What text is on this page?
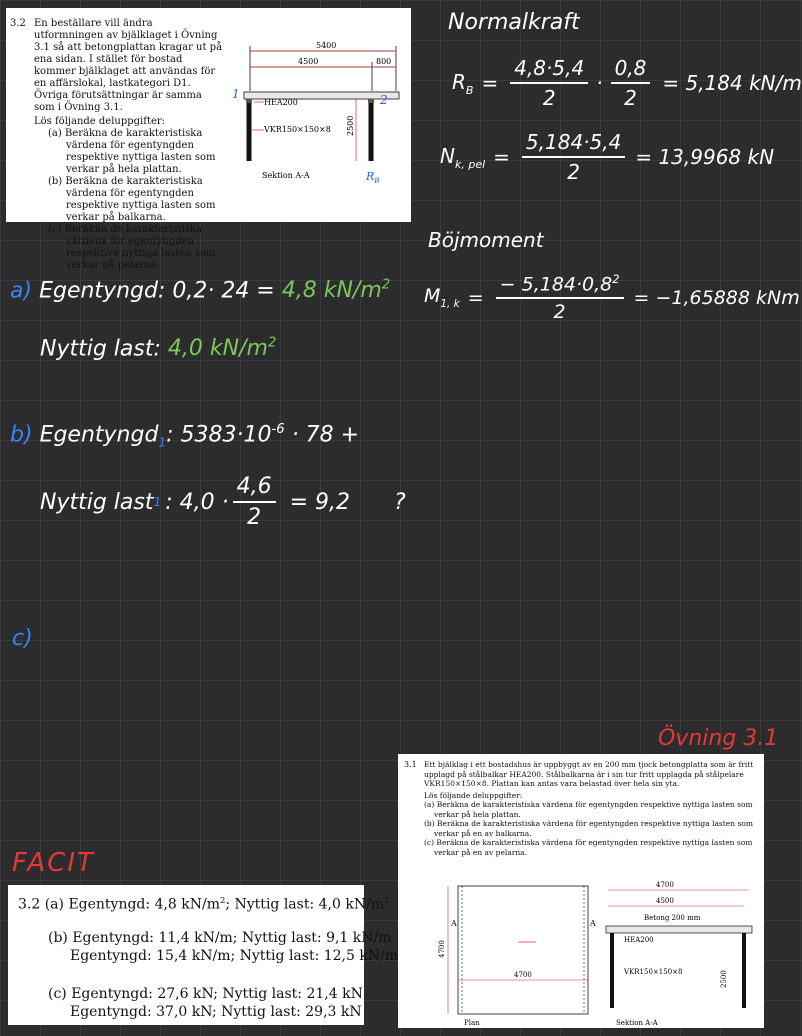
3.2 En beställare vill ändra utformningen av bjälklaget i Övning 3.1 så att betongplattan kragar ut på ena sidan. I stället för bostad kommer bjälklaget att användas för en affärslokal, lastkategori D1. Övriga förutsättningar är samma som i Övning 3.1.
Lös följande deluppgifter:
(a) Beräkna de karakteristiska värdena för egentyngden respektive nyttiga lasten som verkar på hela plattan.
(b) Beräkna de karakteristiska värdena för egentyngden respektive nyttiga lasten som verkar på balkarna.
(c) Beräkna de karakteristiska värdena för egentyngden respektive nyttiga lasten som verkar på pelarna.
5400
4500	800
HEA200
VKR150×150×8 2500
Sektion A-A
1	2
$R_B$
Normalkraft
$R_B = \frac{4,8\cdot 5,4}{2} \cdot \frac{0,8}{2} = 5,184$ kN/m
$N_{k, pel} = \frac{5,184\cdot 5,4}{2} = 13,9968$ kN
Böjmoment
$M_{1, k} = \frac{- 5,184\cdot 0,8^2}{2} = -1,65888$ kNm
a) Egentyngd: 0,2· 24 = 4,8 $kN/m^2$
Nyttig last: 4,0 $kN/m^2$
b) Egentyngd$_1$: $5383\cdot 10^{-6} \cdot 78$ +
Nyttig last 1 : $4,0 \cdot \frac{4,6}{2} = 9,2$ ?
c)
Övning 3.1
FACIT
3.2 (a) Egentyngd: 4,8 $kN/m^2$; Nyttig last: 4,0 $kN/m^2$
(b) Egentyngd: 11,4 kN/m; Nyttig last: 9,1 kN/m
Egentyngd: 15,4 kN/m; Nyttig last: 12,5 kN/m
(c) Egentyngd: 27,6 kN; Nyttig last: 21,4 kN
Egentyngd: 37,0 kN; Nyttig last: 29,3 kN
3.1 Ett bjälklag i ett bostadshus är uppbyggt av en 200 mm tjock betongplatta som är fritt upplagd på stålbalkar HEA200. Stålbalkarna är i sin tur fritt upplagda på stålpelare VKR150×150×8. Plattan kan antas vara belastad över hela sin yta.
Lös följande deluppgifter:
(a) Beräkna de karakteristiska värdena för egentyngden respektive nyttiga lasten som verkar på hela plattan.
(b) Beräkna de karakteristiska värdena för egentyngden respektive nyttiga lasten som verkar på en av balkarna.
(c) Beräkna de karakteristiska värdena för egentyngden respektive nyttiga lasten som verkar på en av pelarna.
4700
4700
A	A
Plan
4700
4500
Betong 200 mm
HEA200
VKR150×150×8	2500
Sektion A-A
